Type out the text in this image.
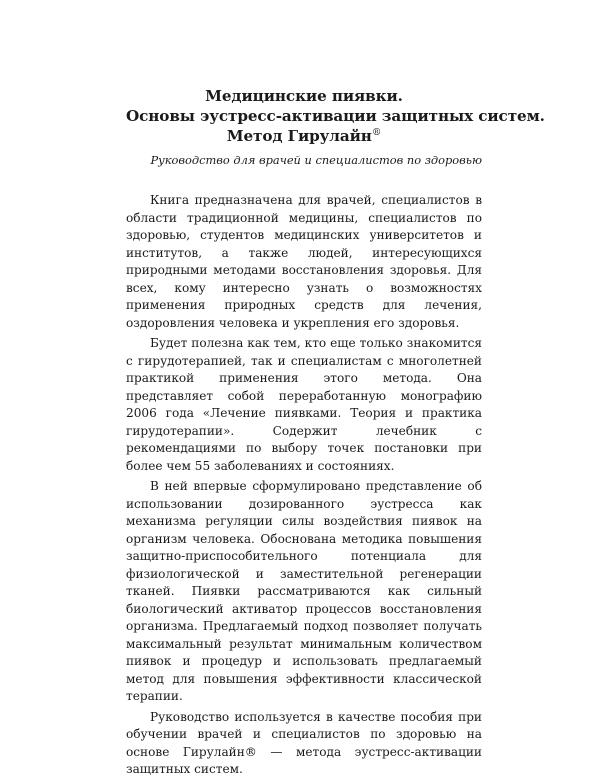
Медицинские пиявки.
Основы эустресс-активации защитных систем.
Метод Гирулайн®
Руководство для врачей и специалистов по здоровью

Книга предназначена для врачей, специалистов в области традиционной медицины, специалистов по здоровью, студентов медицинских университетов и институтов, а также людей, интересующихся природными методами восстановления здоровья. Для всех, кому интересно узнать о возможностях применения природных средств для лечения, оздоровления человека и укрепления его здоровья.

Будет полезна как тем, кто еще только знакомится с гирудотерапией, так и специалистам с многолетней практикой применения этого метода. Она представляет собой переработанную монографию 2006 года «Лечение пиявками. Теория и практика гирудотерапии». Содержит лечебник с рекомендациями по выбору точек постановки при более чем 55 заболеваниях и состояниях.

В ней впервые сформулировано представление об использовании дозированного эустресса как механизма регуляции силы воздействия пиявок на организм человека. Обоснована методика повышения защитно-приспособительного потенциала для физиологической и заместительной регенерации тканей. Пиявки рассматриваются как сильный биологический активатор процессов восстановления организма. Предлагаемый подход позволяет получать максимальный результат минимальным количеством пиявок и процедур и использовать предлагаемый метод для повышения эффективности классической терапии.

Руководство используется в качестве пособия при обучении врачей и специалистов по здоровью на основе Гирулайн® — метода эустресс-активации защитных систем.
